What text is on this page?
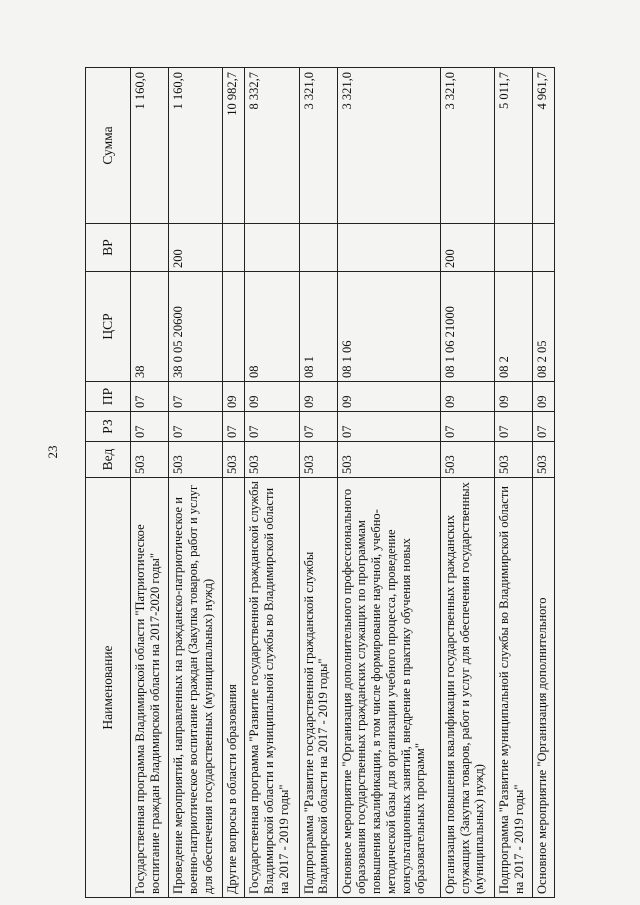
23
Наименование	Вед	РЗ	ПР	ЦСР	ВР	Сумма
Государственная программа Владимирской области "Патриотическое воспитание граждан Владимирской области на 2017-2020 годы"	503	07	07	38		1 160,0
Проведение мероприятий, направленных на гражданско-патриотическое и военно-патриотическое воспитание граждан (Закупка товаров, работ и услуг для обеспечения государственных (муниципальных) нужд)	503	07	07	38 0 05 20600	200	1 160,0
Другие вопросы в области образования	503	07	09			10 982,7
Государственная программа "Развитие государственной гражданской службы Владимирской области и муниципальной службы во Владимирской области на 2017 - 2019 годы"	503	07	09	08		8 332,7
Подпрограмма "Развитие государственной гражданской службы Владимирской области на 2017 - 2019 годы"	503	07	09	08 1		3 321,0
Основное мероприятие "Организация дополнительного профессионального образования государственных гражданских служащих по программам повышения квалификации, в том числе формирование научной, учебно-методической базы для организации учебного процесса, проведение консультационных занятий, внедрение в практику обучения новых образовательных программ"	503	07	09	08 1 06		3 321,0
Организация повышения квалификации государственных гражданских служащих (Закупка товаров, работ и услуг для обеспечения государственных (муниципальных) нужд)	503	07	09	08 1 06 21000	200	3 321,0
Подпрограмма "Развитие муниципальной службы во Владимирской области на 2017 - 2019 годы"	503	07	09	08 2		5 011,7
Основное мероприятие "Организация дополнительного	503	07	09	08 2 05		4 961,7
